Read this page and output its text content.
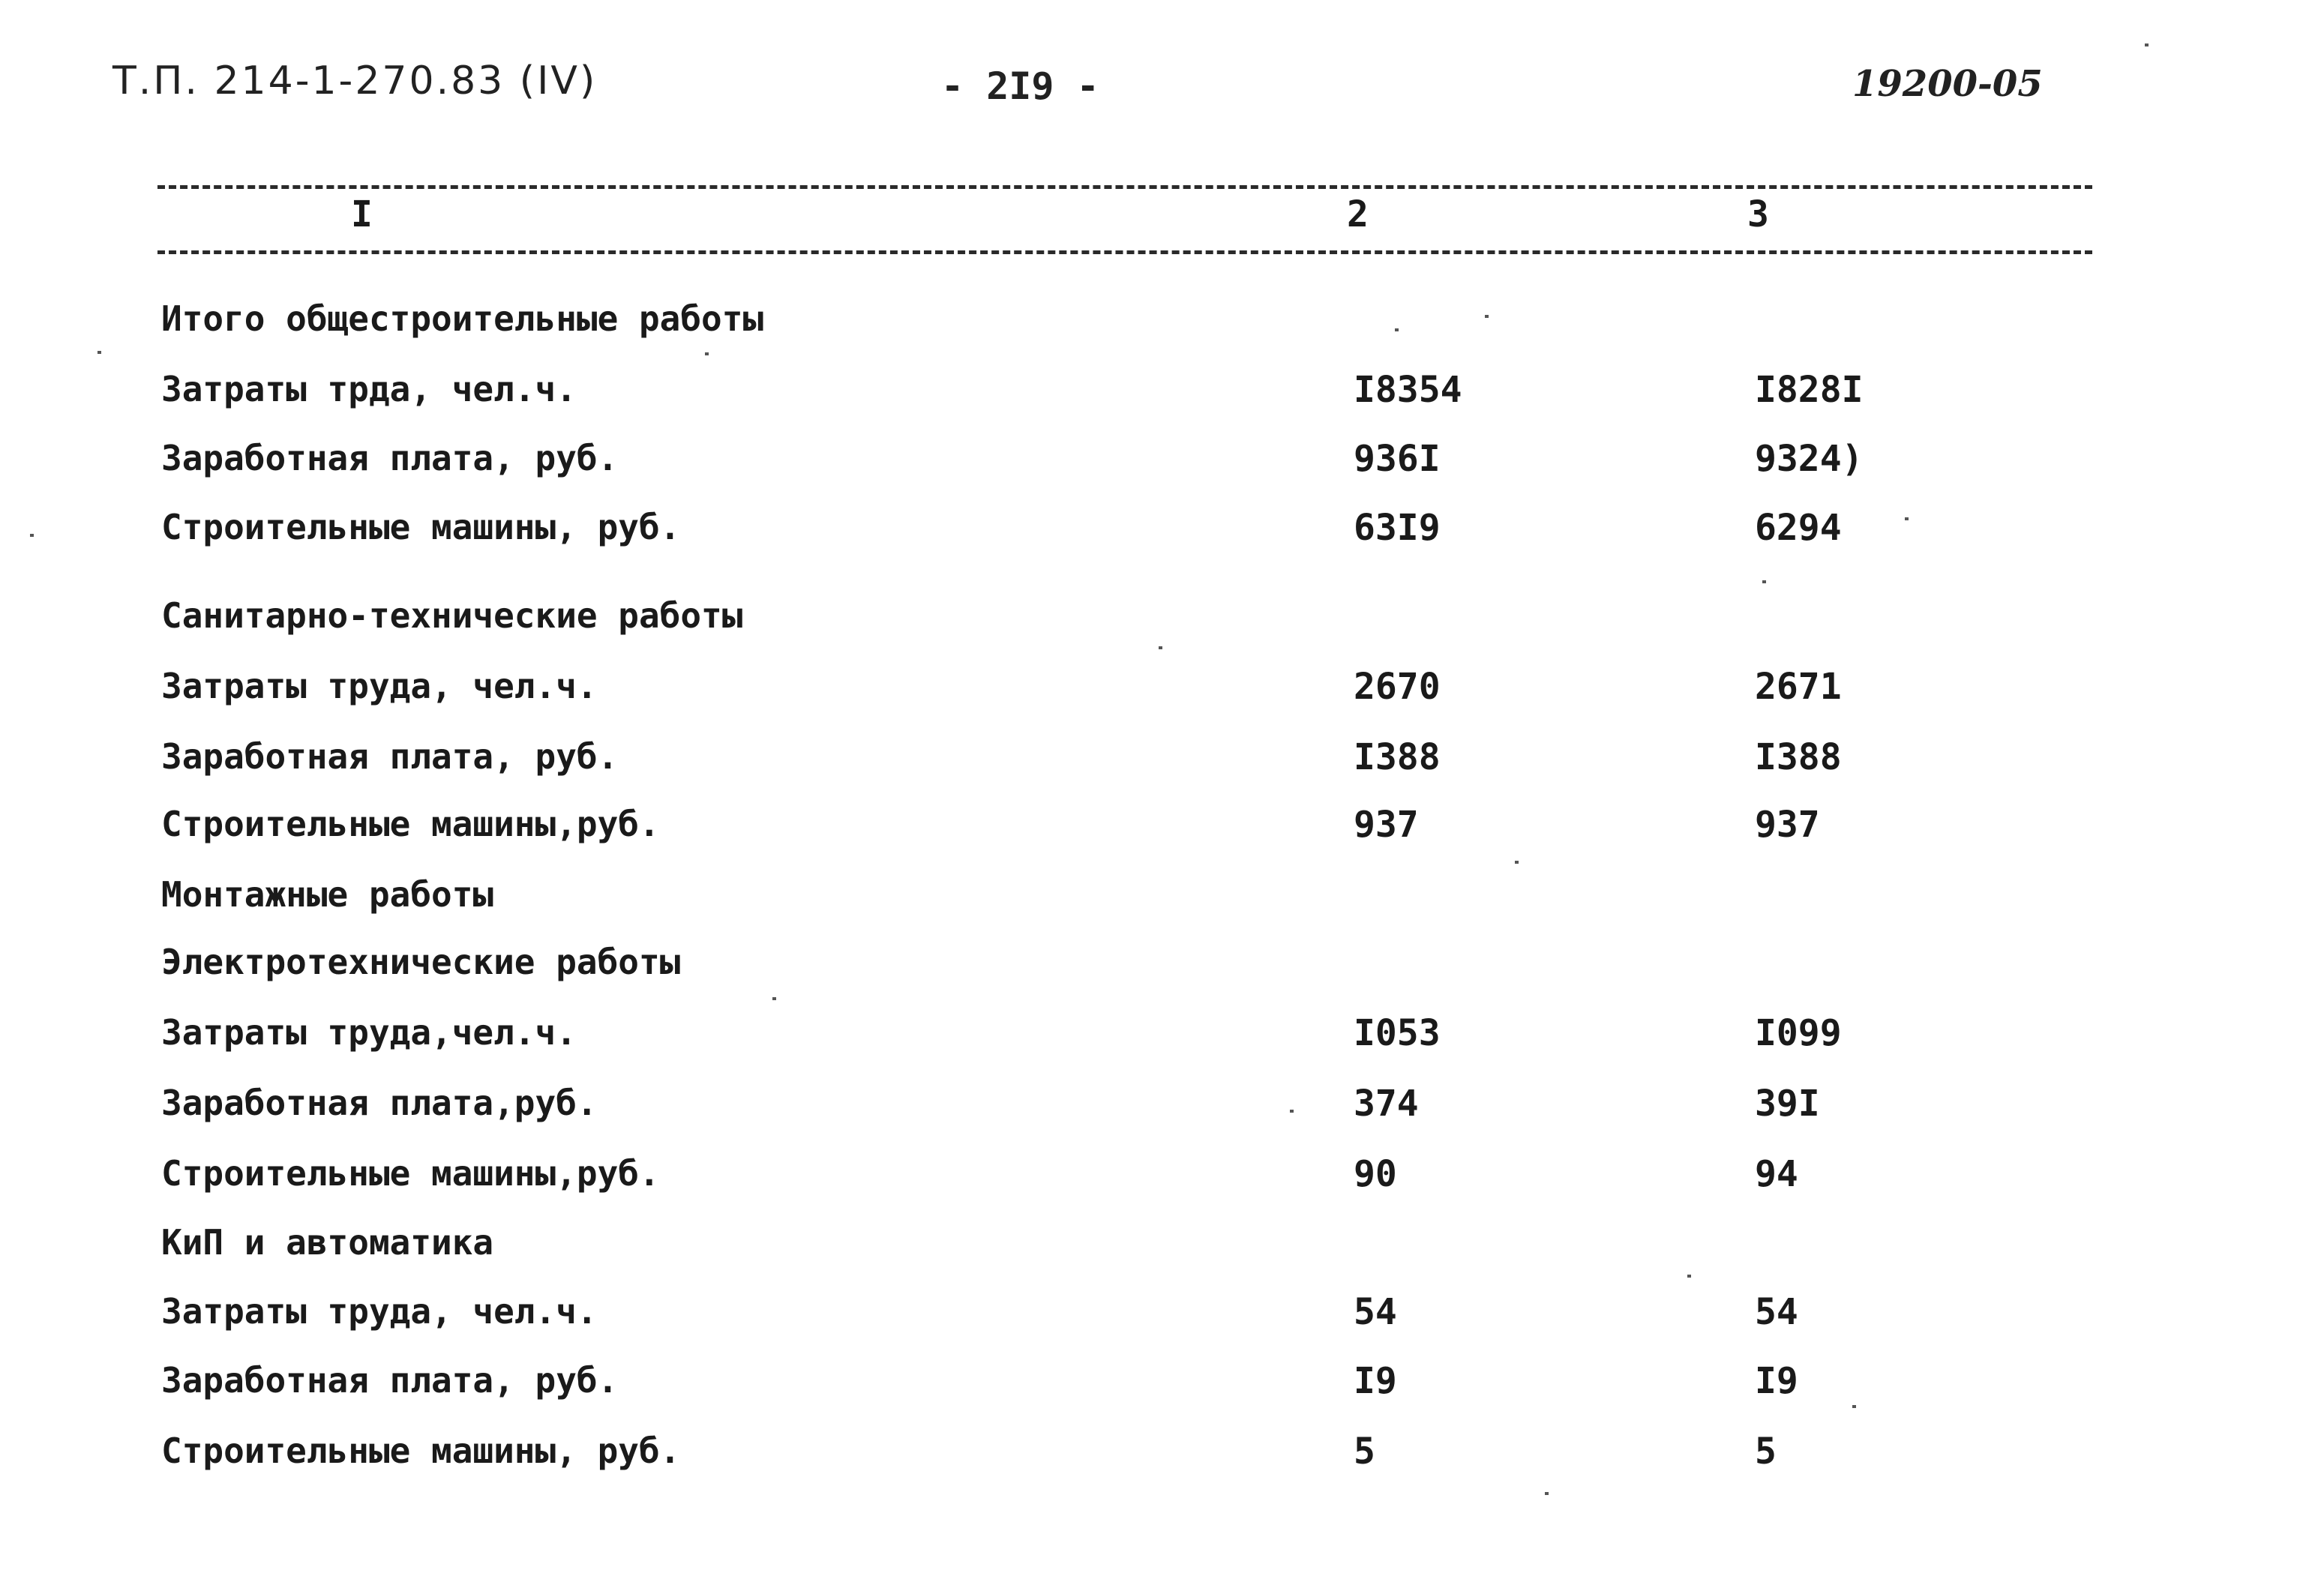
Т.П. 214-1-270.83 (IV)	- 2I9 -	19200-05
I	2	3
Итого общестроительные работы
Затраты трда, чел.ч.	I8354	I828I
Заработная плата, руб.	936I	9324)
Строительные машины, руб.	63I9	6294
Санитарно-технические работы
Затраты труда, чел.ч.	2670	2671
Заработная плата, руб.	I388	I388
Строительные машины,руб.	937	937
Монтажные работы
Электротехнические работы
Затраты труда,чел.ч.	I053	I099
Заработная плата,руб.	374	39I
Строительные машины,руб.	90	94
КиП и автоматика
Затраты труда, чел.ч.	54	54
Заработная плата, руб.	I9	I9
Строительные машины, руб.	5	5
